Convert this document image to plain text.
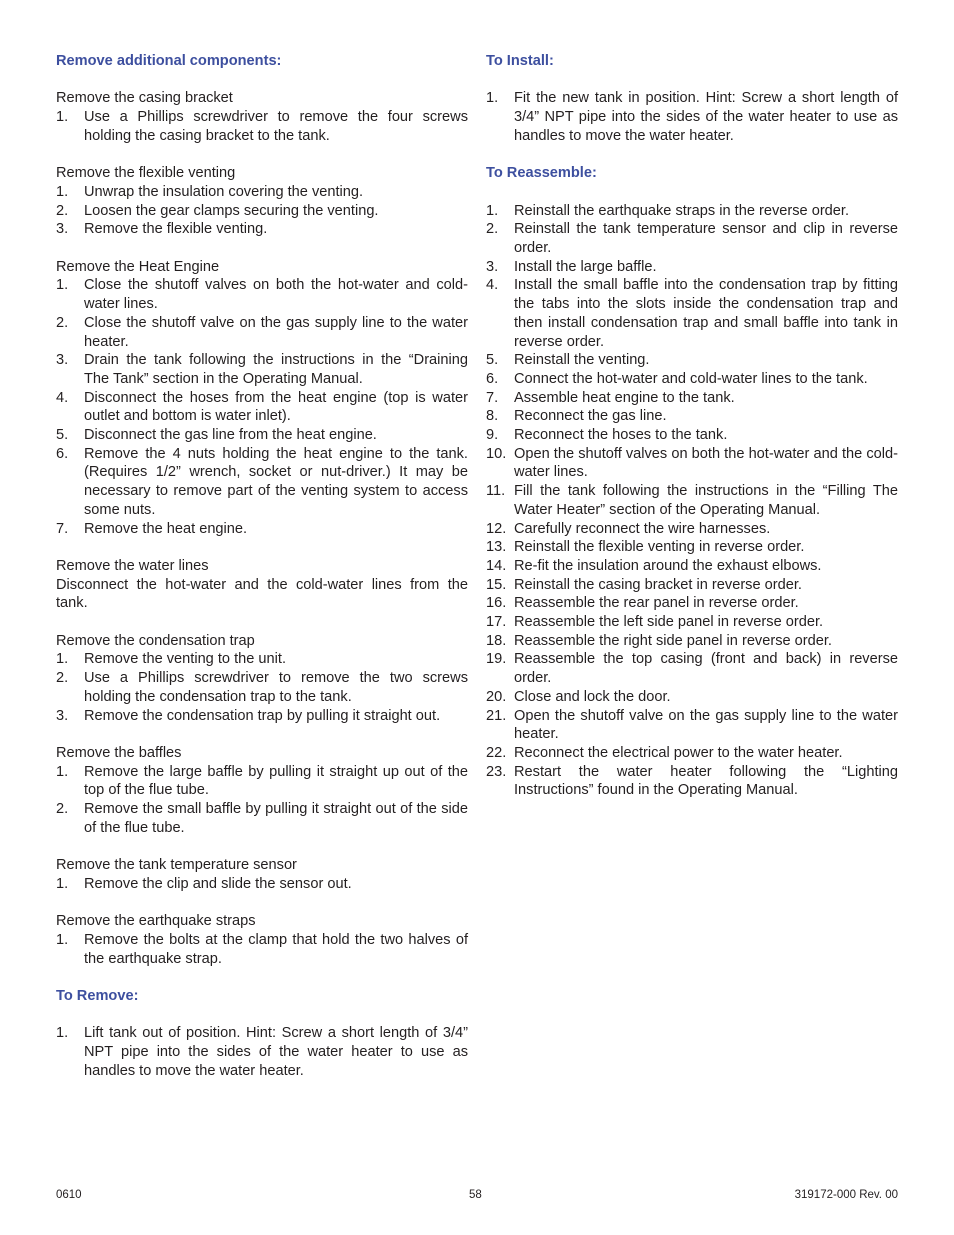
Remove additional components:
Remove the casing bracket
1. Use a Phillips screwdriver to remove the four screws holding the casing bracket to the tank.
Remove the flexible venting
1. Unwrap the insulation covering the venting.
2. Loosen the gear clamps securing the venting.
3. Remove the flexible venting.
Remove the Heat Engine
1. Close the shutoff valves on both the hot-water and cold-water lines.
2. Close the shutoff valve on the gas supply line to the water heater.
3. Drain the tank following the instructions in the “Draining The Tank” section in the Operating Manual.
4. Disconnect the hoses from the heat engine (top is water outlet and bottom is water inlet).
5. Disconnect the gas line from the heat engine.
6. Remove the 4 nuts holding the heat engine to the tank. (Requires 1/2” wrench, socket or nut-driver.) It may be necessary to remove part of the venting system to access some nuts.
7. Remove the heat engine.
Remove the water lines
Disconnect the hot-water and the cold-water lines from the tank.
Remove the condensation trap
1. Remove the venting to the unit.
2. Use a Phillips screwdriver to remove the two screws holding the condensation trap to the tank.
3. Remove the condensation trap by pulling it straight out.
Remove the baffles
1. Remove the large baffle by pulling it straight up out of the top of the flue tube.
2. Remove the small baffle by pulling it straight out of the side of the flue tube.
Remove the tank temperature sensor
1. Remove the clip and slide the sensor out.
Remove the earthquake straps
1. Remove the bolts at the clamp that hold the two halves of the earthquake strap.
To Remove:
1. Lift tank out of position. Hint: Screw a short length of 3/4” NPT pipe into the sides of the water heater to use as handles to move the water heater.
To Install:
1. Fit the new tank in position. Hint: Screw a short length of 3/4” NPT pipe into the sides of the water heater to use as handles to move the water heater.
To Reassemble:
1. Reinstall the earthquake straps in the reverse order.
2. Reinstall the tank temperature sensor and clip in reverse order.
3. Install the large baffle.
4. Install the small baffle into the condensation trap by fitting the tabs into the slots inside the condensation trap and then install condensation trap and small baffle into tank in reverse order.
5. Reinstall the venting.
6. Connect the hot-water and cold-water lines to the tank.
7. Assemble heat engine to the tank.
8. Reconnect the gas line.
9. Reconnect the hoses to the tank.
10. Open the shutoff valves on both the hot-water and the cold-water lines.
11. Fill the tank following the instructions in the “Filling The Water Heater” section of the Operating Manual.
12. Carefully reconnect the wire harnesses.
13. Reinstall the flexible venting in reverse order.
14. Re-fit the insulation around the exhaust elbows.
15. Reinstall the casing bracket in reverse order.
16. Reassemble the rear panel in reverse order.
17. Reassemble the left side panel in reverse order.
18. Reassemble the right side panel in reverse order.
19. Reassemble the top casing (front and back) in reverse order.
20. Close and lock the door.
21. Open the shutoff valve on the gas supply line to the water heater.
22. Reconnect the electrical power to the water heater.
23. Restart the water heater following the “Lighting Instructions” found in the Operating Manual.
0610	58	319172-000 Rev. 00
